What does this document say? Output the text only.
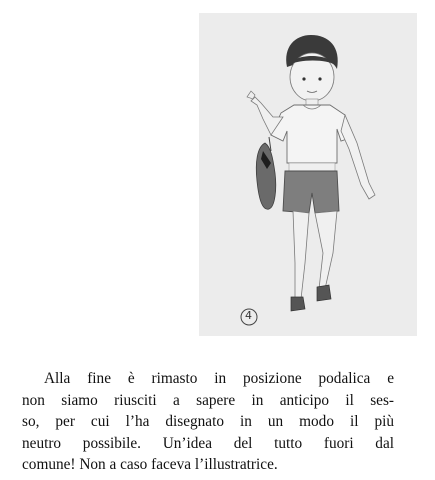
4

Alla fine è rimasto in posizione podalica e
non siamo riusciti a sapere in anticipo il ses-
so, per cui l’ha disegnato in un modo il più
neutro possibile. Un’idea del tutto fuori dal
comune! Non a caso faceva l’illustratrice.
